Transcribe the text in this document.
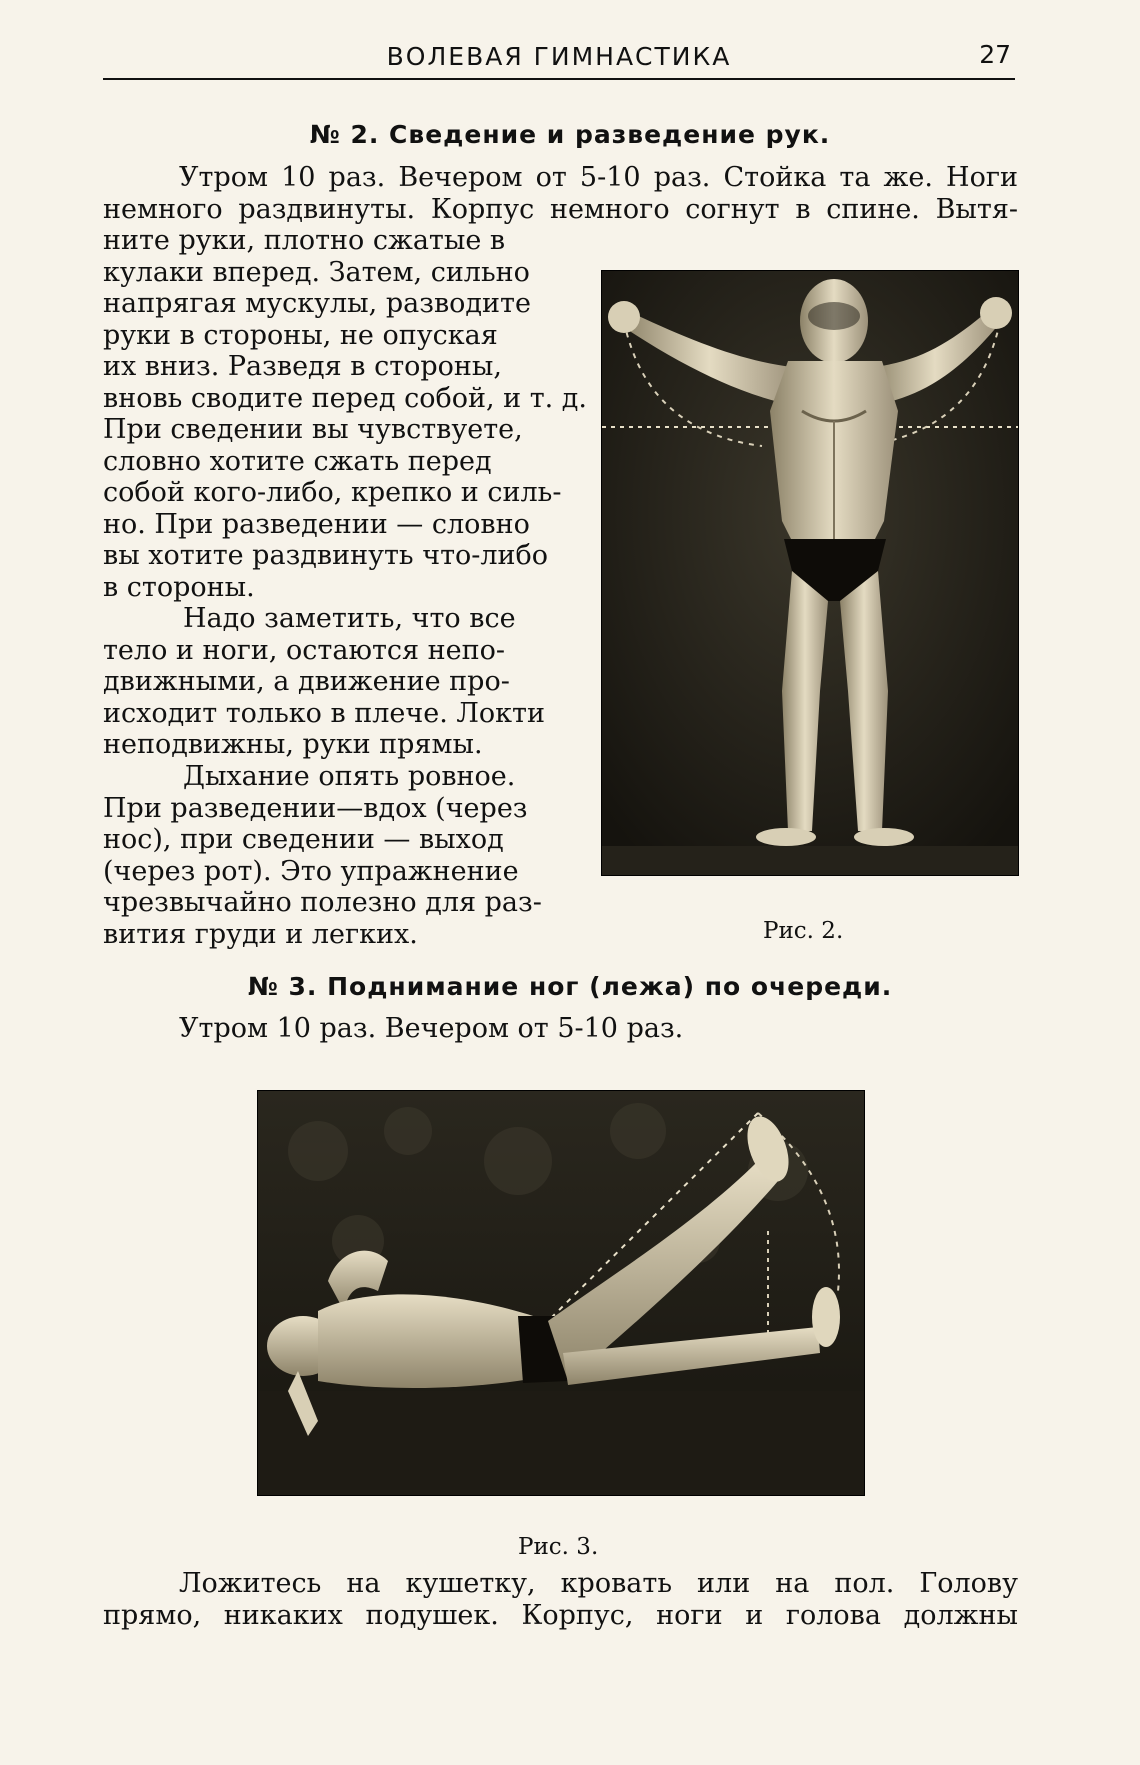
ВОЛЕВАЯ ГИМНАСТИКА	27
№ 2. Сведение и разведение рук.

Утром 10 раз. Вечером от 5-10 раз. Стойка та же. Ноги
немного раздвинуты. Корпус немного согнут в спине. Вытя-

ните руки, плотно сжатые в
кулаки вперед. Затем, сильно
напрягая мускулы, разводите
руки в стороны, не опуская
их вниз. Разведя в стороны,
вновь сводите перед собой, и т. д.
При сведении вы чувствуете,
словно хотите сжать перед
собой кого-либо, крепко и силь-
но. При разведении — словно
вы хотите раздвинуть что-либо
в стороны.

Надо заметить, что все
тело и ноги, остаются непо-
движными, а движение про-
исходит только в плече. Локти
неподвижны, руки прямы.

Дыхание опять ровное.
При разведении—вдох (через
нос), при сведении — выход
(через рот). Это упражнение
чрезвычайно полезно для раз-
вития груди и легких.	Рис. 2.
№ 3. Поднимание ног (лежа) по очереди.

Утром 10 раз. Вечером от 5-10 раз.

Рис. 3.

Ложитесь на кушетку, кровать или на пол. Голову
прямо, никаких подушек. Корпус, ноги и голова должны
